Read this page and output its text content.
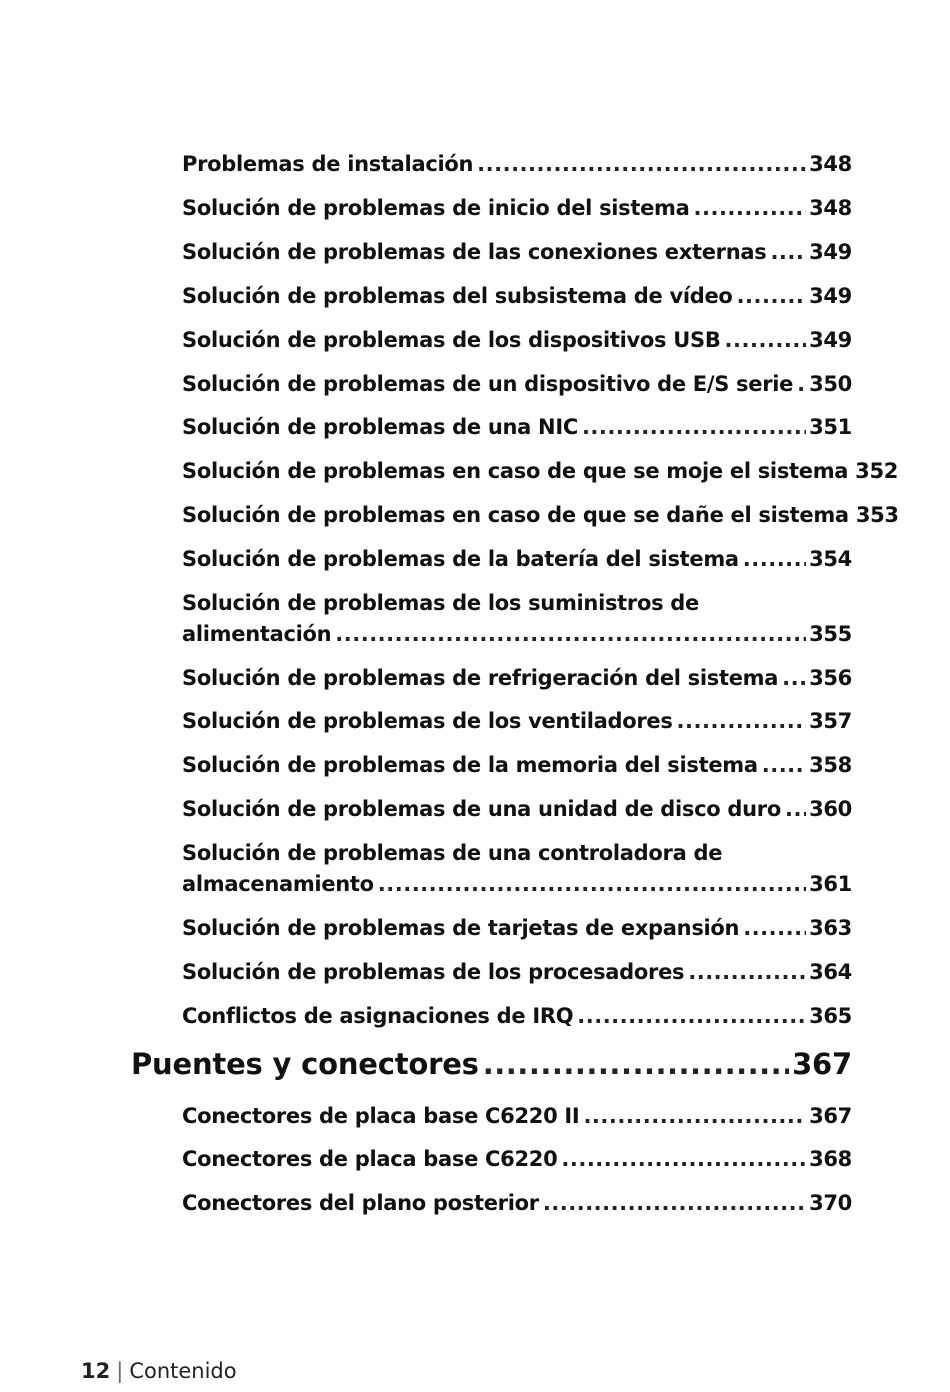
Problemas de instalación .....	348
Solución de problemas de inicio del sistema .....	348
Solución de problemas de las conexiones externas ..... 349
Solución de problemas del subsistema de vídeo .....	349
Solución de problemas de los dispositivos USB .....	349
Solución de problemas de un dispositivo de E/S serie ..... 350
Solución de problemas de una NIC .....	351
Solución de problemas en caso de que se moje el sistema 352
Solución de problemas en caso de que se dañe el sistema 353
Solución de problemas de la batería del sistema .....	354
Solución de problemas de los suministros de
alimentación .....	355
Solución de problemas de refrigeración del sistema ..... 356
Solución de problemas de los ventiladores .....	357
Solución de problemas de la memoria del sistema ..... 358
Solución de problemas de una unidad de disco duro ..... 360
Solución de problemas de una controladora de
almacenamiento .....	361
Solución de problemas de tarjetas de expansión .....	363
Solución de problemas de los procesadores .....	364
Conflictos de asignaciones de IRQ .....	365
Puentes y conectores .....	367
Conectores de placa base C6220 II .....	367
Conectores de placa base C6220 .....	368
Conectores del plano posterior .....	370
12 | Contenido
